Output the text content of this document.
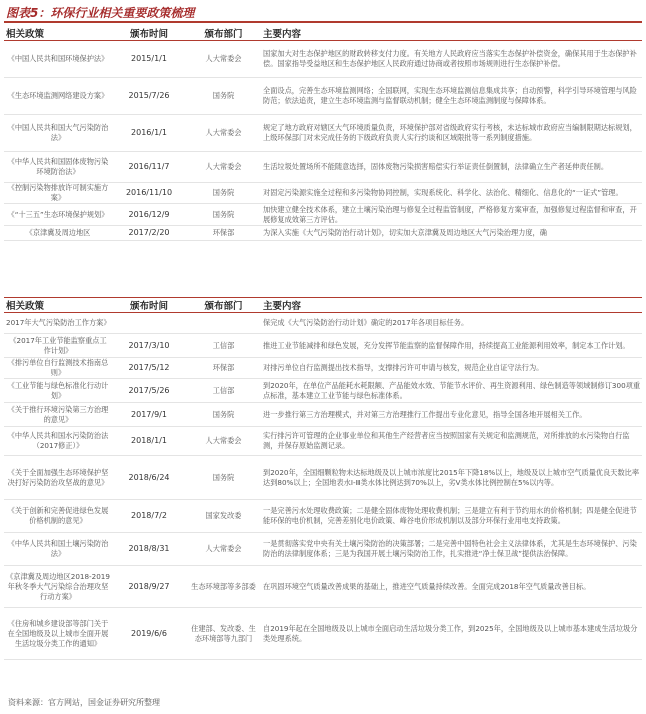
图表5：环保行业相关重要政策梳理
相关政策	颁布时间	颁布部门	主要内容
《中国人民共和国环境保护法》	2015/1/1	人大常委会	国家加大对生态保护地区的财政转移支付力度。有关地方人民政府应当落实生态保护补偿资金，确保其用于生态保护补偿。国家指导受益地区和生态保护地区人民政府通过协商或者按照市场规则进行生态保护补偿。
《生态环境监测网络建设方案》	2015/7/26	国务院	全面设点，完善生态环境监测网络；全国联网，实现生态环境监测信息集成共享；自动预警，科学引导环境管理与风险防范；依法追责，建立生态环境监测与监督联动机制；健全生态环境监测制度与保障体系。
《中国人民共和国大气污染防治法》	2016/1/1	人大常委会	规定了地方政府对辖区大气环境质量负责，环境保护部对省级政府实行考核，未达标城市政府应当编制限期达标规划，上级环保部门对未完成任务的下级政府负责人实行约谈和区域限批等一系列制度措施。
《中华人民共和国固体废物污染环境防治法》	2016/11/7	人大常委会	生活垃圾处置场所不能随意选择，固体废物污染损害赔偿实行举证责任倒置制，法律确立生产者延伸责任制。
《控制污染物排放许可制实施方案》	2016/11/10	国务院	对固定污染源实施全过程和多污染物协同控制，实现系统化、科学化、法治化、精细化、信息化的“一证式”管理。
《“十三五”生态环境保护规划》	2016/12/9	国务院	加快建立健全技术体系，建立土壤污染治理与修复全过程监管制度，严格修复方案审查，加强修复过程监督和审查，开展修复成效第三方评估。
《京津冀及周边地区	2017/2/20	环保部	为深入实施《大气污染防治行动计划》，切实加大京津冀及周边地区大气污染治理力度，确
相关政策	颁布时间	颁布部门	主要内容
2017年大气污染防治工作方案》			保完成《大气污染防治行动计划》确定的2017年各项目标任务。
《2017年工业节能监察重点工作计划》	2017/3/10	工信部	推进工业节能减排和绿色发展，充分发挥节能监察的监督保障作用，持续提高工业能源利用效率，制定本工作计划。
《排污单位自行监测技术指南总则》	2017/5/12	环保部	对排污单位自行监测提出技术指导，支撑排污许可申请与核发，规范企业自证守法行为。
《工业节能与绿色标准化行动计划》	2017/5/26	工信部	到2020年，在单位产品能耗水耗限额、产品能效水效、节能节水评价、再生资源利用、绿色制造等领域制修订300项重点标准，基本建立工业节能与绿色标准体系。
《关于推行环境污染第三方治理的意见》	2017/9/1	国务院	进一步推行第三方治理模式，并对第三方治理推行工作提出专业化意见，指导全国各地开展相关工作。
《中华人民共和国水污染防治法（2017修正）》	2018/1/1	人大常委会	实行排污许可管理的企业事业单位和其他生产经营者应当按照国家有关规定和监测规范，对所排放的水污染物自行监测，并保存原始监测记录。
《关于全面加强生态环境保护坚决打好污染防治攻坚战的意见》	2018/6/24	国务院	到2020年，全国细颗粒物未达标地级及以上城市浓度比2015年下降18%以上，地级及以上城市空气质量优良天数比率达到80%以上；全国地表水Ⅰ-Ⅲ类水体比例达到70%以上，劣Ⅴ类水体比例控制在5%以内等。
《关于创新和完善促进绿色发展价格机制的意见》	2018/7/2	国家发改委	一是完善污水处理收费政策；二是健全固体废物处理收费机制；三是建立有利于节约用水的价格机制；四是健全促进节能环保的电价机制，完善差别化电价政策、峰谷电价形成机制以及部分环保行业用电支持政策。
《中华人民共和国土壤污染防治法》	2018/8/31	人大常委会	一是贯彻落实党中央有关土壤污染防治的决策部署；二是完善中国特色社会主义法律体系，尤其是生态环境保护、污染防治的法律制度体系；三是为我国开展土壤污染防治工作，扎实推进“净土保卫战”提供法治保障。
《京津冀及周边地区2018-2019年秋冬季大气污染综合治理攻坚行动方案》	2018/9/27	生态环境部等多部委	在巩固环境空气质量改善成果的基础上，推进空气质量持续改善。全面完成2018年空气质量改善目标。
《住房和城乡建设部等部门关于在全国地级及以上城市全面开展生活垃圾分类工作的通知》	2019/6/6	住建部、发改委、生态环境部等九部门	自2019年起在全国地级及以上城市全面启动生活垃圾分类工作，到2025年，全国地级及以上城市基本建成生活垃圾分类处理系统。
资料来源：官方网站，国金证券研究所整理
